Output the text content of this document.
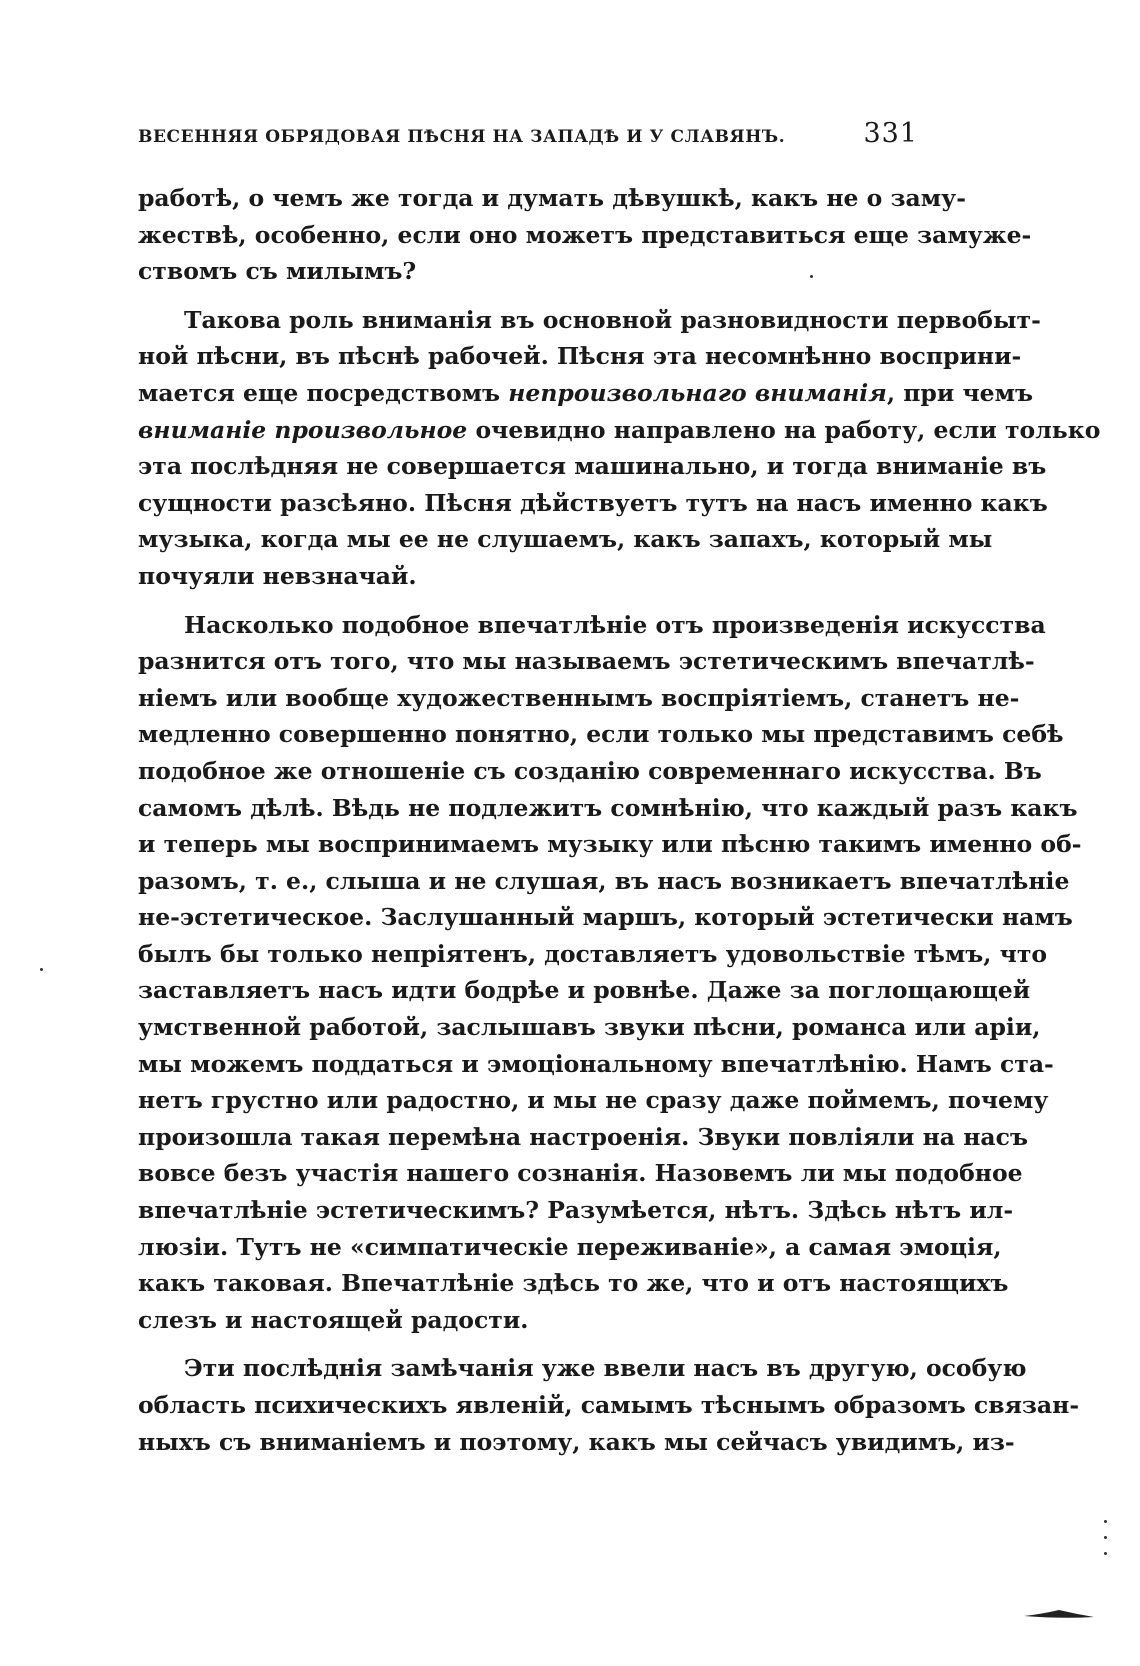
ВЕСЕННЯЯ ОБРЯДОВАЯ ПѢСНЯ НА ЗАПАДѢ И У СЛАВЯНЪ.	331
работѣ, о чемъ же тогда и думать дѣвушкѣ, какъ не о заму-
жествѣ, особенно, если оно можетъ представиться еще замуже-
ствомъ съ милымъ?
Такова роль вниманія въ основной разновидности первобыт-
ной пѣсни, въ пѣснѣ рабочей. Пѣсня эта несомнѣнно восприни-
мается еще посредствомъ непроизвольнаго вниманія, при чемъ
вниманіе произвольное очевидно направлено на работу, если только
эта послѣдняя не совершается машинально, и тогда вниманіе въ
сущности разсѣяно. Пѣсня дѣйствуетъ тутъ на насъ именно какъ
музыка, когда мы ее не слушаемъ, какъ запахъ, который мы
почуяли невзначай.
Насколько подобное впечатлѣніе отъ произведенія искусства
разнится отъ того, что мы называемъ эстетическимъ впечатлѣ-
ніемъ или вообще художественнымъ воспріятіемъ, станетъ не-
медленно совершенно понятно, если только мы представимъ себѣ
подобное же отношеніе съ созданію современнаго искусства. Въ
самомъ дѣлѣ. Вѣдь не подлежитъ сомнѣнію, что каждый разъ какъ
и теперь мы воспринимаемъ музыку или пѣсню такимъ именно об-
разомъ, т. е., слыша и не слушая, въ насъ возникаетъ впечатлѣніе
не-эстетическое. Заслушанный маршъ, который эстетически намъ
былъ бы только непріятенъ, доставляетъ удовольствіе тѣмъ, что
заставляетъ насъ идти бодрѣе и ровнѣе. Даже за поглощающей
умственной работой, заслышавъ звуки пѣсни, романса или аріи,
мы можемъ поддаться и эмоціональному впечатлѣнію. Намъ ста-
нетъ грустно или радостно, и мы не сразу даже поймемъ, почему
произошла такая перемѣна настроенія. Звуки повліяли на насъ
вовсе безъ участія нашего сознанія. Назовемъ ли мы подобное
впечатлѣніе эстетическимъ? Разумѣется, нѣтъ. Здѣсь нѣтъ ил-
люзіи. Тутъ не «симпатическіе переживаніе», а самая эмоція,
какъ таковая. Впечатлѣніе здѣсь то же, что и отъ настоящихъ
слезъ и настоящей радости.
Эти послѣднія замѣчанія уже ввели насъ въ другую, особую
область психическихъ явленій, самымъ тѣснымъ образомъ связан-
ныхъ съ вниманіемъ и поэтому, какъ мы сейчасъ увидимъ, из-
